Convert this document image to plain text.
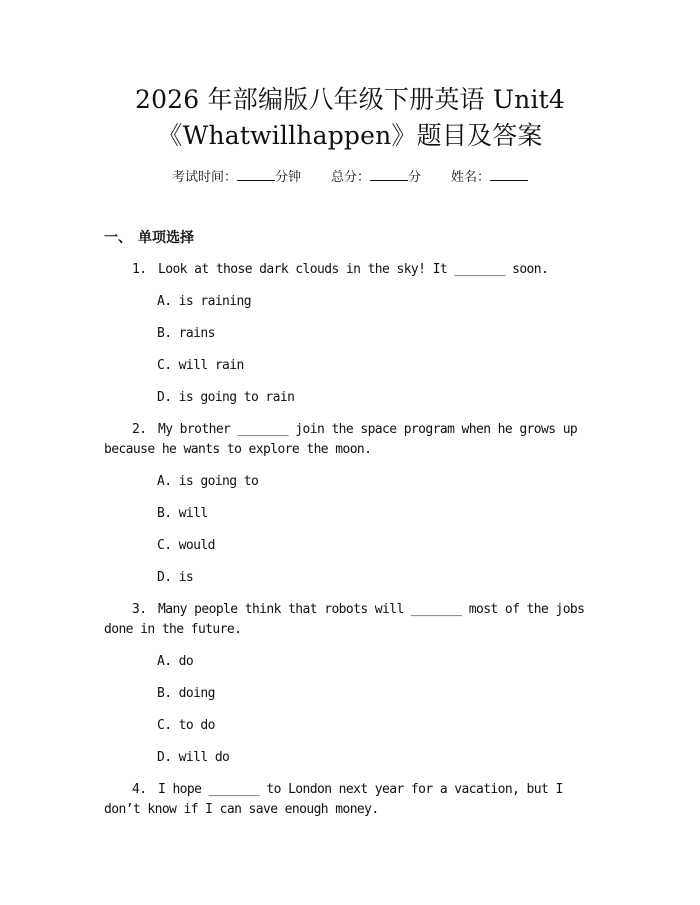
2026 年部编版八年级下册英语 Unit4
《Whatwillhappen》题目及答案
考试时间：	分钟 总分：	分 姓名：
一、 单项选择
1. Look at those dark clouds in the sky! It _______ soon.
A. is raining
B. rains
C. will rain
D. is going to rain
2. My brother _______ join the space program when he grows up because he wants to explore the moon.
A. is going to
B. will
C. would
D. is
3. Many people think that robots will _______ most of the jobs done in the future.
A. do
B. doing
C. to do
D. will do
4. I hope _______ to London next year for a vacation, but I don’t know if I can save enough money.
